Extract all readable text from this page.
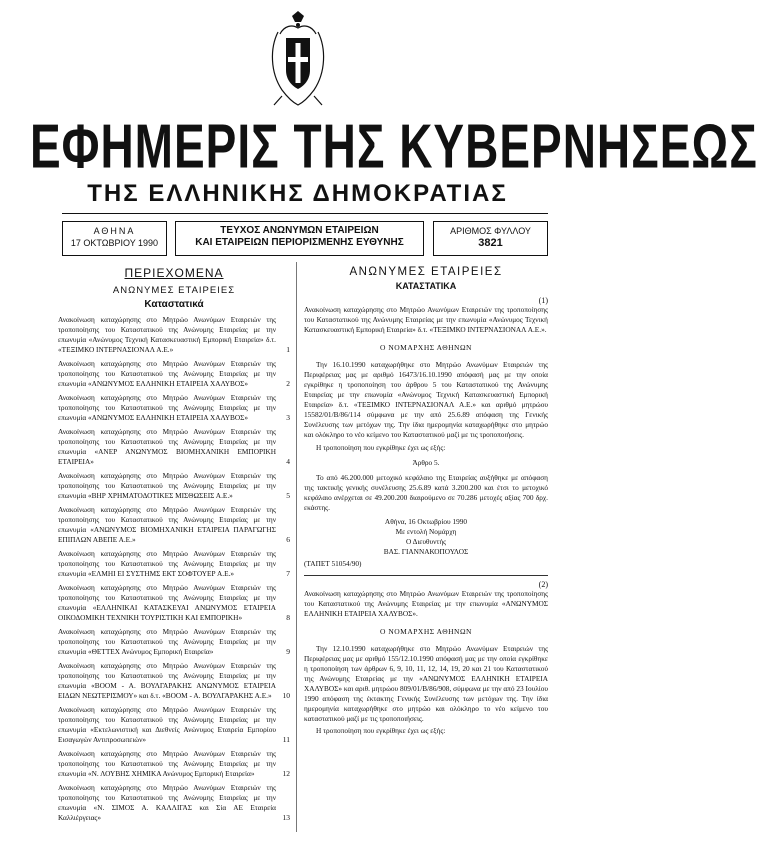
ΕΦΗΜΕΡΙΣ ΤΗΣ ΚΥΒΕΡΝΗΣΕΩΣ
ΤΗΣ ΕΛΛΗΝΙΚΗΣ ΔΗΜΟΚΡΑΤΙΑΣ
ΑΘΗΝΑ
17 ΟΚΤΩΒΡΙΟΥ 1990
ΤΕΥΧΟΣ ΑΝΩΝΥΜΩΝ ΕΤΑΙΡΕΙΩΝ
ΚΑΙ ΕΤΑΙΡΕΙΩΝ ΠΕΡΙΟΡΙΣΜΕΝΗΣ ΕΥΘΥΝΗΣ
ΑΡΙΘΜΟΣ ΦΥΛΛΟΥ
3821
ΠΕΡΙΕΧΟΜΕΝΑ
ΑΝΩΝΥΜΕΣ ΕΤΑΙΡΕΙΕΣ
Καταστατικά
Ανακοίνωση καταχώρησης στο Μητρώο Ανωνύμων Εταιρειών της τροποποίησης του Καταστατικού της Ανώνυμης Εταιρείας με την επωνυμία «Ανώνυμος Τεχνική Κατασκευαστική Εμπορική Εταιρεία» δ.τ. «ΤΕΞΙΜΚΟ ΙΝΤΕΡΝΑΣΙΟΝΑΛ Α.Ε.»	1
Ανακοίνωση καταχώρησης στο Μητρώο Ανωνύμων Εταιρειών της τροποποίησης του Καταστατικού της Ανώνυμης Εταιρείας με την επωνυμία «ΑΝΩΝΥΜΟΣ ΕΛΛΗΝΙΚΗ ΕΤΑΙΡΕΙΑ ΧΑΛΥΒΟΣ»	2
Ανακοίνωση καταχώρησης στο Μητρώο Ανωνύμων Εταιρειών της τροποποίησης του Καταστατικού της Ανώνυμης Εταιρείας με την επωνυμία «ΑΝΩΝΥΜΟΣ ΕΛΛΗΝΙΚΗ ΕΤΑΙΡΕΙΑ ΧΑΛΥΒΟΣ»	3
Ανακοίνωση καταχώρησης στο Μητρώο Ανωνύμων Εταιρειών της τροποποίησης του Καταστατικού της Ανώνυμης Εταιρείας με την επωνυμία «ΑΝΕΡ ΑΝΩΝΥΜΟΣ ΒΙΟΜΗΧΑΝΙΚΗ ΕΜΠΟΡΙΚΗ ΕΤΑΙΡΕΙΑ»	4
Ανακοίνωση καταχώρησης στο Μητρώο Ανωνύμων Εταιρειών της τροποποίησης του Καταστατικού της Ανώνυμης Εταιρείας με την επωνυμία «ΒΗΡ ΧΡΗΜΑΤΟΔΟΤΙΚΕΣ ΜΙΣΘΩΣΕΙΣ Α.Ε.»	5
Ανακοίνωση καταχώρησης στο Μητρώο Ανωνύμων Εταιρειών της τροποποίησης του Καταστατικού της Ανώνυμης Εταιρείας με την επωνυμία «ΑΝΩΝΥΜΟΣ ΒΙΟΜΗΧΑΝΙΚΗ ΕΤΑΙΡΕΙΑ ΠΑΡΑΓΩΓΗΣ ΕΠΙΠΛΩΝ ΑΒΕΠΕ Α.Ε.»	6
Ανακοίνωση καταχώρησης στο Μητρώο Ανωνύμων Εταιρειών της τροποποίησης του Καταστατικού της Ανώνυμης Εταιρείας με την επωνυμία «ΕΛΜΗΙ ΕΙ ΣΥΣΤΗΜΣ ΕΚΤ ΣΟΦΤΟΥΕΡ Α.Ε.»	7
Ανακοίνωση καταχώρησης στο Μητρώο Ανωνύμων Εταιρειών της τροποποίησης του Καταστατικού της Ανώνυμης Εταιρείας με την επωνυμία «ΕΛΛΗΝΙΚΑΙ ΚΑΤΑΣΚΕΥΑΙ ΑΝΩΝΥΜΟΣ ΕΤΑΙΡΕΙΑ ΟΙΚΟΔΟΜΙΚΗ ΤΕΧΝΙΚΗ ΤΟΥΡΙΣΤΙΚΗ ΚΑΙ ΕΜΠΟΡΙΚΗ»	8
Ανακοίνωση καταχώρησης στο Μητρώο Ανωνύμων Εταιρειών της τροποποίησης του Καταστατικού της Ανώνυμης Εταιρείας με την επωνυμία «ΘΕΤΤΕΧ Ανώνυμος Εμπορική Εταιρεία»	9
Ανακοίνωση καταχώρησης στο Μητρώο Ανωνύμων Εταιρειών της τροποποίησης του Καταστατικού της Ανώνυμης Εταιρείας με την επωνυμία «ΒΟΟΜ - Α. ΒΟΥΛΓΑΡΑΚΗΣ ΑΝΩΝΥΜΟΣ ΕΤΑΙΡΕΙΑ ΕΙΔΩΝ ΝΕΩΤΕΡΙΣΜΟΥ» και δ.τ. «ΒΟΟΜ - Α. ΒΟΥΛΓΑΡΑΚΗΣ Α.Ε.» 10
Ανακοίνωση καταχώρησης στο Μητρώο Ανωνύμων Εταιρειών της τροποποίησης του Καταστατικού της Ανώνυμης Εταιρείας με την επωνυμία «Εκτελωνιστική και Διεθνείς Ανώνυμος Εταιρεία Εμπορίου Εισαγωγών Αντιπροσωπειών»	11
Ανακοίνωση καταχώρησης στο Μητρώο Ανωνύμων Εταιρειών της τροποποίησης του Καταστατικού της Ανώνυμης Εταιρείας με την επωνυμία «Ν. ΛΟΥΒΗΣ ΧΗΜΙΚΑ Ανώνυμος Εμπορική Εταιρεία»	12
Ανακοίνωση καταχώρησης στο Μητρώο Ανωνύμων Εταιρειών της τροποποίησης του Καταστατικού της Ανώνυμης Εταιρείας με την επωνυμία «Ν. ΣΙΜΟΣ Α. ΚΑΛΛΙΓΑΣ και Σία ΑΕ Εταιρεία Καλλιέργειας»	13
ΑΝΩΝΥΜΕΣ ΕΤΑΙΡΕΙΕΣ
ΚΑΤΑΣΤΑΤΙΚΑ
(1)
Ανακοίνωση καταχώρησης στο Μητρώο Ανωνύμων Εταιρειών της τροποποίησης του Καταστατικού της Ανώνυμης Εταιρείας με την επωνυμία «Ανώνυμος Τεχνική Κατασκευαστική Εμπορική Εταιρεία» δ.τ. «ΤΕΞΙΜΚΟ ΙΝΤΕΡΝΑΣΙΟΝΑΛ Α.Ε.».
Ο ΝΟΜΑΡΧΗΣ ΑΘΗΝΩΝ
Την 16.10.1990 καταχωρήθηκε στο Μητρώο Ανωνύμων Εταιρειών της Περιφέρειας μας με αριθμό 16473/16.10.1990 απόφασή μας με την οποία εγκρίθηκε η τροποποίηση του άρθρου 5 του Καταστατικού της Ανώνυμης Εταιρείας με την επωνυμία «Ανώνυμος Τεχνική Κατασκευαστική Εμπορική Εταιρεία» δ.τ. «ΤΕΞΙΜΚΟ ΙΝΤΕΡΝΑΣΙΟΝΑΛ Α.Ε.» και αριθμό μητρώου 15582/01/Β/86/114 σύμφωνα με την από 25.6.89 απόφαση της Γενικής Συνέλευσης των μετόχων της. Την ίδια ημερομηνία καταχωρήθηκε στο μητρώο και ολόκληρο το νέο κείμενο του Καταστατικού μαζί με τις τροποποιήσεις.
Η τροποποίηση που εγκρίθηκε έχει ως εξής:
Άρθρο 5.
Το από 46.200.000 μετοχικό κεφάλαιο της Εταιρείας αυξήθηκε με απόφαση της τακτικής γενικής συνέλευσης 25.6.89 κατά 3.200.200 και έτσι το μετοχικό κεφάλαιο ανέρχεται σε 49.200.200 διαιρούμενο σε 70.286 μετοχές αξίας 700 δρχ. εκάστης.
Αθήνα, 16 Οκτωβρίου 1990
Με εντολή Νομάρχη
Ο Διευθυντής
ΒΑΣ. ΓΙΑΝΝΑΚΟΠΟΥΛΟΣ
(ΤΑΠΕΤ 51054/90)
(2)
Ανακοίνωση καταχώρησης στο Μητρώο Ανωνύμων Εταιρειών της τροποποίησης του Καταστατικού της Ανώνυμης Εταιρείας με την επωνυμία «ΑΝΩΝΥΜΟΣ ΕΛΛΗΝΙΚΗ ΕΤΑΙΡΕΙΑ ΧΑΛΥΒΟΣ».
Ο ΝΟΜΑΡΧΗΣ ΑΘΗΝΩΝ
Την 12.10.1990 καταχωρήθηκε στο Μητρώο Ανωνύμων Εταιρειών της Περιφέρειας μας με αριθμό 155/12.10.1990 απόφασή μας με την οποία εγκρίθηκε η τροποποίηση των άρθρων 6, 9, 10, 11, 12, 14, 19, 20 και 21 του Καταστατικού της Ανώνυμης Εταιρείας με την «ΑΝΩΝΥΜΟΣ ΕΛΛΗΝΙΚΗ ΕΤΑΙΡΕΙΑ ΧΑΛΥΒΟΣ» και αριθ. μητρώου 809/01/Β/86/908, σύμφωνα με την από 23 Ιουλίου 1990 απόφαση της έκτακτης Γενικής Συνέλευσης των μετόχων της. Την ίδια ημερομηνία καταχωρήθηκε στο μητρώο και ολόκληρο το νέο κείμενο του καταστατικού μαζί με τις τροποποιήσεις.
Η τροποποίηση που εγκρίθηκε έχει ως εξής:
